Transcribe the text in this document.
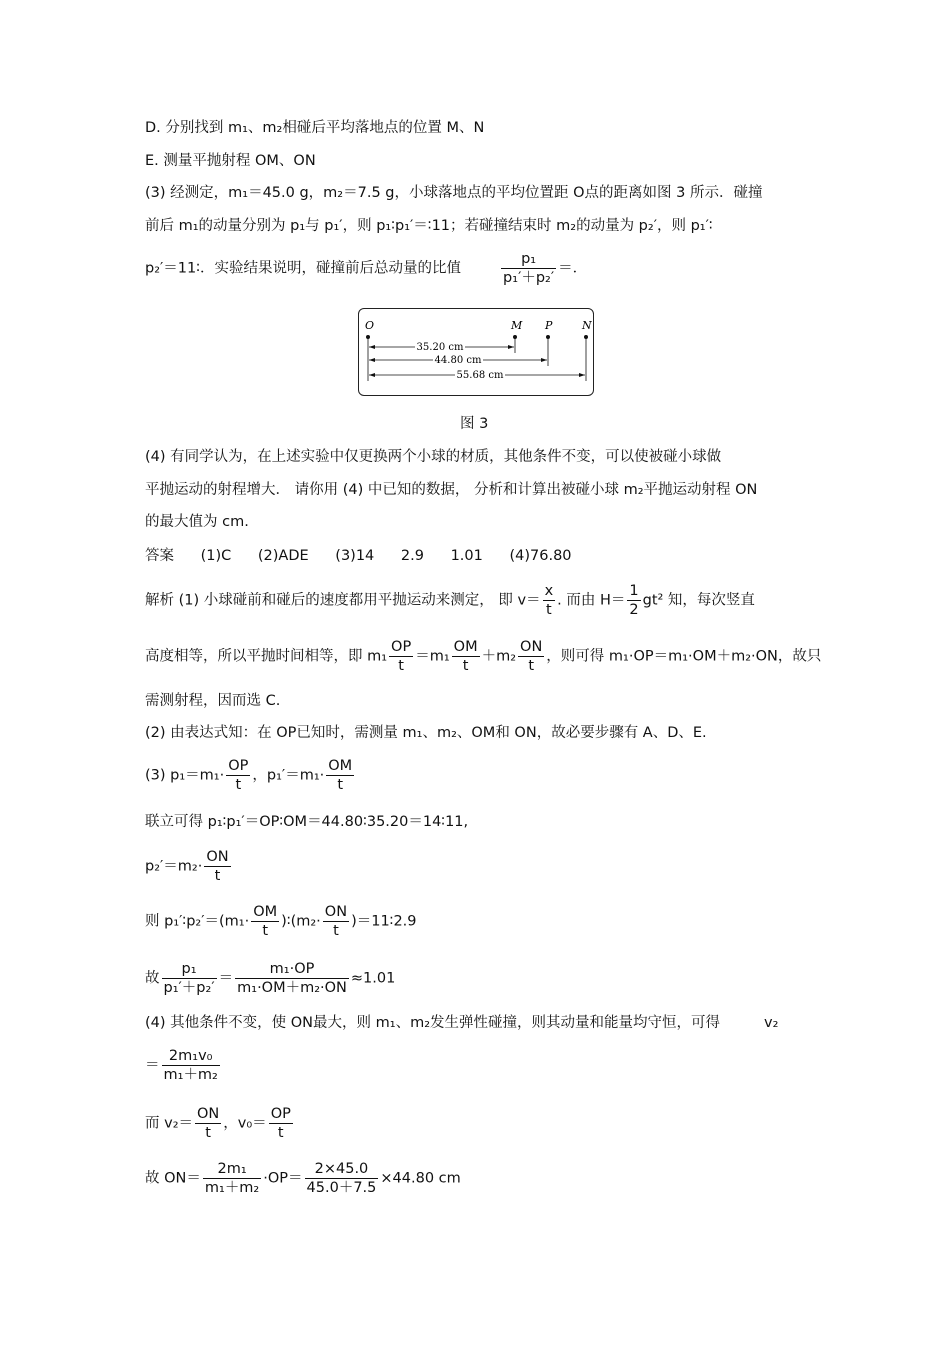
D. 分别找到 m₁、m₂相碰后平均落地点的位置 M、N
E. 测量平抛射程 OM、ON
(3) 经测定，m₁＝45.0 g，m₂＝7.5 g，小球落地点的平均位置距 O点的距离如图 3 所示．碰撞
前后 m₁的动量分别为 p₁与 p₁′，则 p₁∶p₁′＝∶11；若碰撞结束时 m₂的动量为 p₂′，则 p₁′∶
p₂′＝11∶．实验结果说明，碰撞前后总动量的比值	$\frac{\text{p₁}}{\text{p₁′＋p₂′}}$ ＝．
O	M P	N
35.20 cm
44.80 cm
55.68 cm
图 3
(4) 有同学认为，在上述实验中仅更换两个小球的材质，其他条件不变，可以使被碰小球做
平抛运动的射程增大． 请你用 (4) 中已知的数据， 分析和计算出被碰小球 m₂平抛运动射程 ON
的最大值为 cm.
答案 (1)C (2)ADE (3)14 2.9 1.01 (4)76.80
解析 (1) 小球碰前和碰后的速度都用平抛运动来测定， 即 $v= \frac{x}{t}$ . 而由 $H= \frac{1}{2} gt^2$ 知，每次竖直
高度相等，所以平抛时间相等，即 $m_1 \frac{OP}{t} =m_1 \frac{OM}{t} +m_2 \frac{ON}{t}$ ，则可得 m₁·OP＝m₁·OM＋m₂·ON，故只
需测射程，因而选 C.
(2) 由表达式知：在 OP已知时，需测量 m₁、m₂、OM和 ON，故必要步骤有 A、D、E.
(3) $p_1=m_1\cdot \frac{OP}{t}$ ，$p_1'=m_1\cdot \frac{OM}{t}$
联立可得 p₁∶p₁′＝OP∶OM＝44.80∶35.20＝14∶11,
$p_2'=m_2\cdot \frac{ON}{t}$
则 p₁′∶p₂′＝(m₁· $\frac{OM}{t}$ )∶(m₂· $\frac{ON}{t}$ )＝11∶2.9
故 $\frac{\text{p₁}}{\text{p₁′＋p₂′}} = \frac{\text{m₁·OP}}{\text{m₁·OM＋m₂·ON}} \approx 1.01$
(4) 其他条件不变，使 ON最大，则 m₁、m₂发生弹性碰撞，则其动量和能量均守恒，可得	v₂
＝ $\frac{\text{2m₁v₀}}{\text{m₁＋m₂}}$
而 $v_2= \frac{ON}{t}$ ，$v_0= \frac{OP}{t}$
故 $ON= \frac{\text{2m₁}}{\text{m₁＋m₂}} \cdot OP= \frac{2\times 45.0}{45.0+7.5} \times 44.80$ cm
